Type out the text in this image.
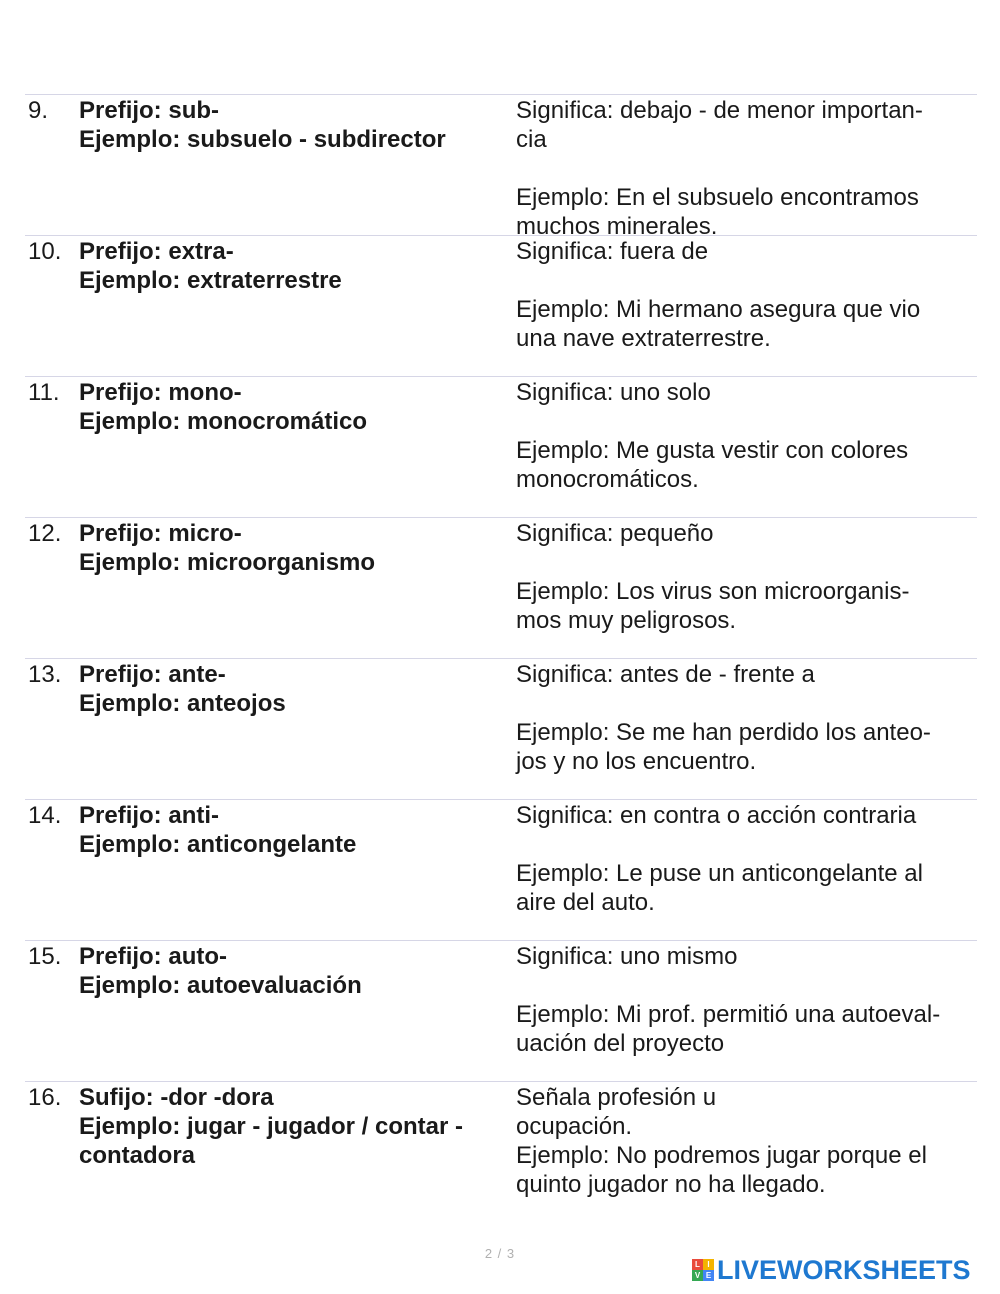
9.	Prefijo: sub-
Ejemplo: subsuelo - subdirector
Significa: debajo - de menor importan-
cia
Ejemplo: En el subsuelo encontramos
muchos minerales.
10. Prefijo: extra-
Ejemplo: extraterrestre
Significa: fuera de
Ejemplo: Mi hermano asegura que vio
una nave extraterrestre.
11. Prefijo: mono-
Ejemplo: monocromático
Significa: uno solo
Ejemplo: Me gusta vestir con colores
monocromáticos.
12. Prefijo: micro-
Ejemplo: microorganismo
Significa: pequeño
Ejemplo: Los virus son microorganis-
mos muy peligrosos.
13. Prefijo: ante-
Ejemplo: anteojos
Significa: antes de - frente a
Ejemplo: Se me han perdido los anteo-
jos y no los encuentro.
14. Prefijo: anti-
Ejemplo: anticongelante
Significa: en contra o acción contraria
Ejemplo: Le puse un anticongelante al
aire del auto.
15. Prefijo: auto-
Ejemplo: autoevaluación
Significa: uno mismo
Ejemplo: Mi prof. permitió una autoeval-
uación del proyecto
16. Sufijo: -dor -dora
Ejemplo: jugar - jugador / contar -
contadora
Señala profesión u
ocupación.
Ejemplo: No podremos jugar porque el
quinto jugador no ha llegado.
2 / 3
L I
V E LIVEWORKSHEETS
